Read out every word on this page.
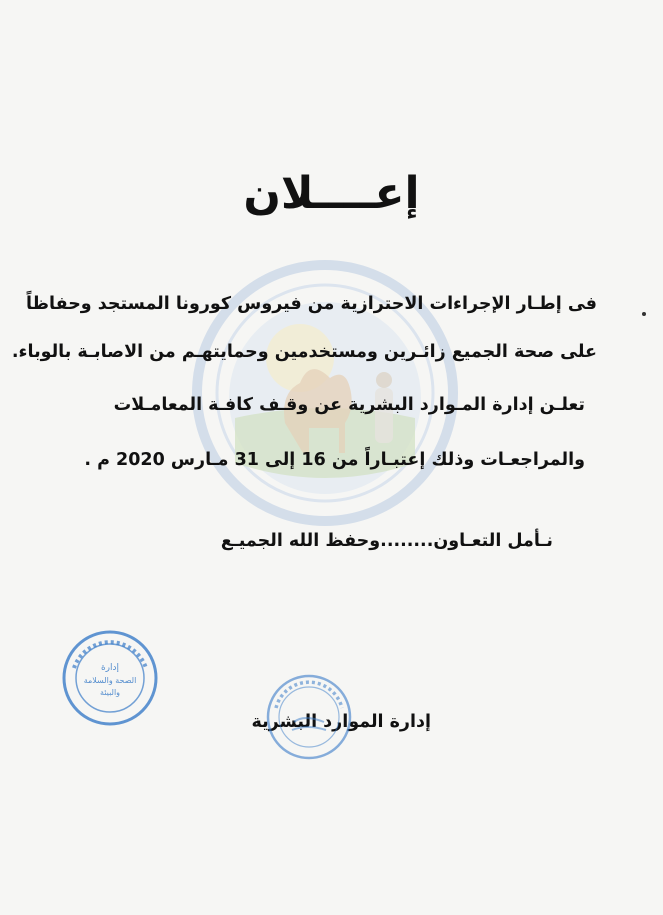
إعــــلان
فى إطـار الإجراءات الاحترازية من فيروس كورونا المستجد وحفاظاً
على صحة الجميع زائـرين ومستخدمين وحمايتهـم من الاصابـة بالوباء.
تعلـن إدارة المـوارد البشرية عن وقـف كافـة المعامـلات
والمراجعـات وذلك إعتبـاراً من 16 إلى 31 مـارس 2020 م .
نـأمل التعـاون........وحفظ الله الجميـع
إدارة الموارد البشرية
إدارة
الصحة والسلامة
والبيئة
